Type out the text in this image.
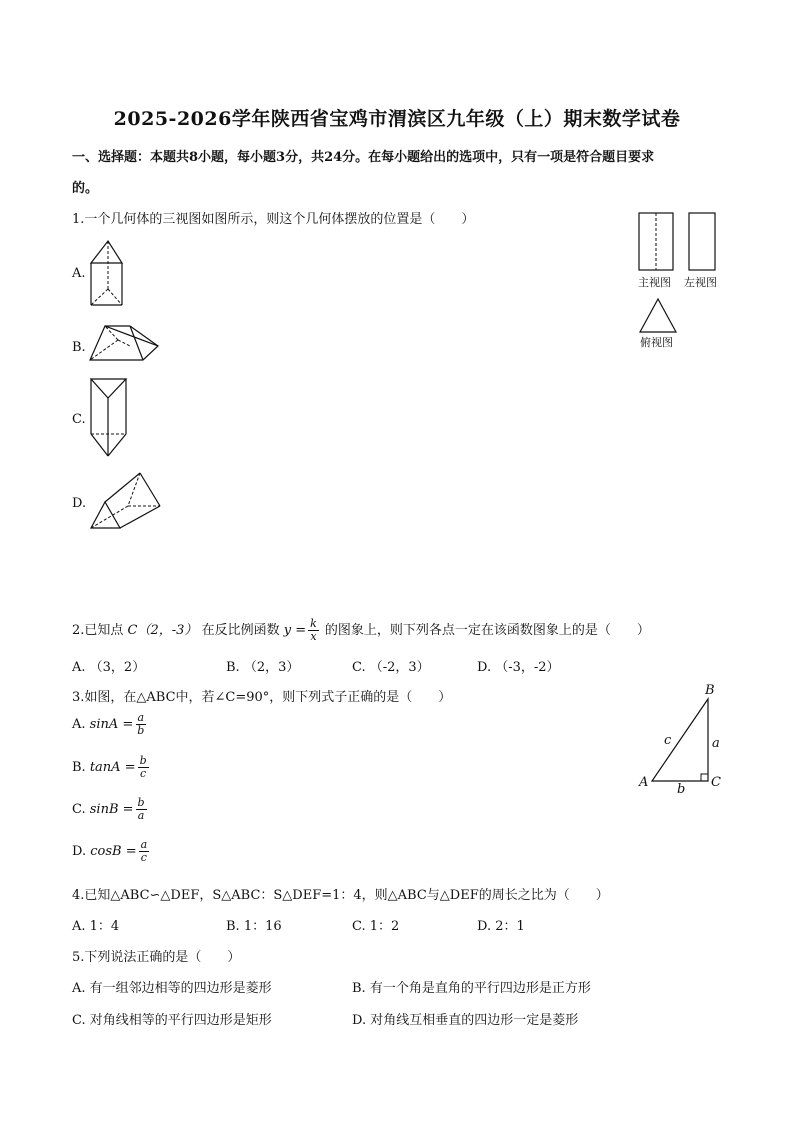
2025-2026学年陕西省宝鸡市渭滨区九年级（上）期末数学试卷
一、选择题：本题共8小题，每小题3分，共24分。在每小题给出的选项中，只有一项是符合题目要求
的。
1.一个几何体的三视图如图所示，则这个几何体摆放的位置是（　　）
A.
B.
C.
D.
主视图 左视图
俯视图
2.已知点 C（2，-3） 在反比例函数 $y = \frac{k}{x}$ 的图象上，则下列各点一定在该函数图象上的是（　　）
A. （3，2）	B. （2，3）	C. （-2，3）	D. （-3，-2）
3.如图，在△ABC中，若∠C=90°，则下列式子正确的是（　　）
A. $\sin A = \frac{a}{b}$
B. $\tan A = \frac{b}{c}$
C. $\sin B = \frac{b}{a}$
D. $\cos B = \frac{a}{c}$
B
A	C
a
c
b
4.已知△ABC∽△DEF，S△ABC：S△DEF=1：4，则△ABC与△DEF的周长之比为（　　）
A. 1：4	B. 1：16	C. 1：2	D. 2：1
5.下列说法正确的是（　　）
A. 有一组邻边相等的四边形是菱形	B. 有一个角是直角的平行四边形是正方形
C. 对角线相等的平行四边形是矩形	D. 对角线互相垂直的四边形一定是菱形
